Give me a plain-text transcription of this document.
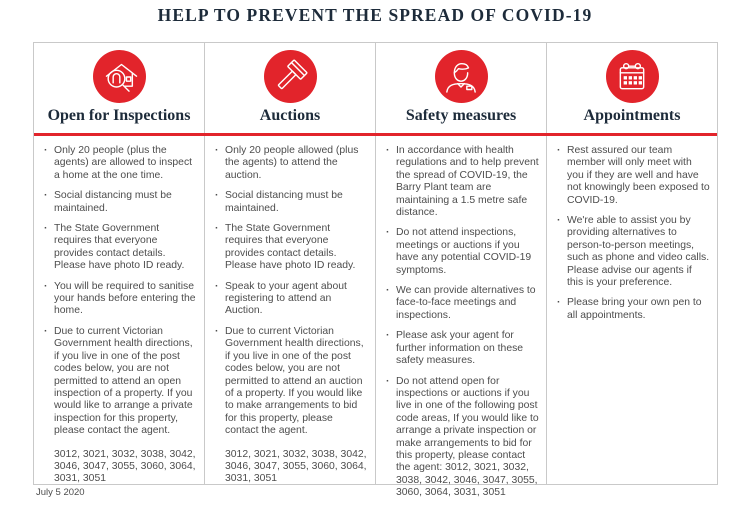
HELP TO PREVENT THE SPREAD OF COVID-19
Open for Inspections
· Only 20 people (plus the agents) are allowed to inspect a home at the one time.
· Social distancing must be maintained.
· The State Government requires that everyone provides contact details. Please have photo ID ready.
· You will be required to sanitise your hands before entering the home.
· Due to current Victorian Government health directions, if you live in one of the post codes below, you are not permitted to attend an open inspection of a property. If you would like to arrange a private inspection for this property, please contact the agent.

3012, 3021, 3032, 3038, 3042, 3046, 3047, 3055, 3060, 3064, 3031, 3051

Auctions
· Only 20 people allowed (plus the agents) to attend the auction.
· Social distancing must be maintained.
· The State Government requires that everyone provides contact details. Please have photo ID ready.
· Speak to your agent about registering to attend an Auction.
· Due to current Victorian Government health directions, if you live in one of the post codes below, you are not permitted to attend an auction of a property. If you would like to make arrangements to bid for this property, please contact the agent.

3012, 3021, 3032, 3038, 3042, 3046, 3047, 3055, 3060, 3064, 3031, 3051

Safety measures
· In accordance with health regulations and to help prevent the spread of COVID-19, the Barry Plant team are maintaining a 1.5 metre safe distance.
· Do not attend inspections, meetings or auctions if you have any potential COVID-19 symptoms.
· We can provide alternatives to face-to-face meetings and inspections.
· Please ask your agent for further information on these safety measures.
· Do not attend open for inspections or auctions if you live in one of the following post code areas, If you would like to arrange a private inspection or make arrangements to bid for this property, please contact the agent: 3012, 3021, 3032, 3038, 3042, 3046, 3047, 3055, 3060, 3064, 3031, 3051
Appointments
· Rest assured our team member will only meet with you if they are well and have not knowingly been exposed to COVID-19.
· We're able to assist you by providing alternatives to person-to-person meetings, such as phone and video calls. Please advise our agents if this is your preference.
· Please bring your own pen to all appointments.
July 5 2020
